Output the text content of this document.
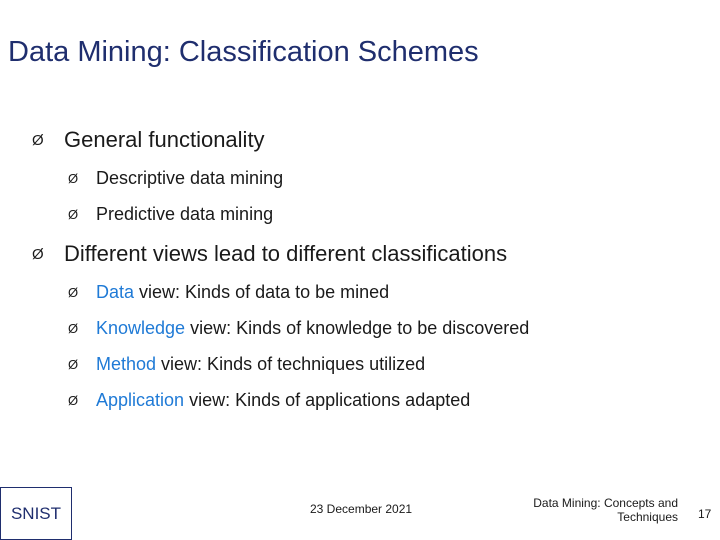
Data Mining: Classification Schemes
Ø General functionality
Ø Descriptive data mining
Ø Predictive data mining
Ø Different views lead to different classifications
Ø Data view: Kinds of data to be mined
Ø Knowledge view: Kinds of knowledge to be discovered
Ø Method view: Kinds of techniques utilized
Ø Application view: Kinds of applications adapted
SNIST	23 December 2021	Data Mining: Concepts and Techniques 17
